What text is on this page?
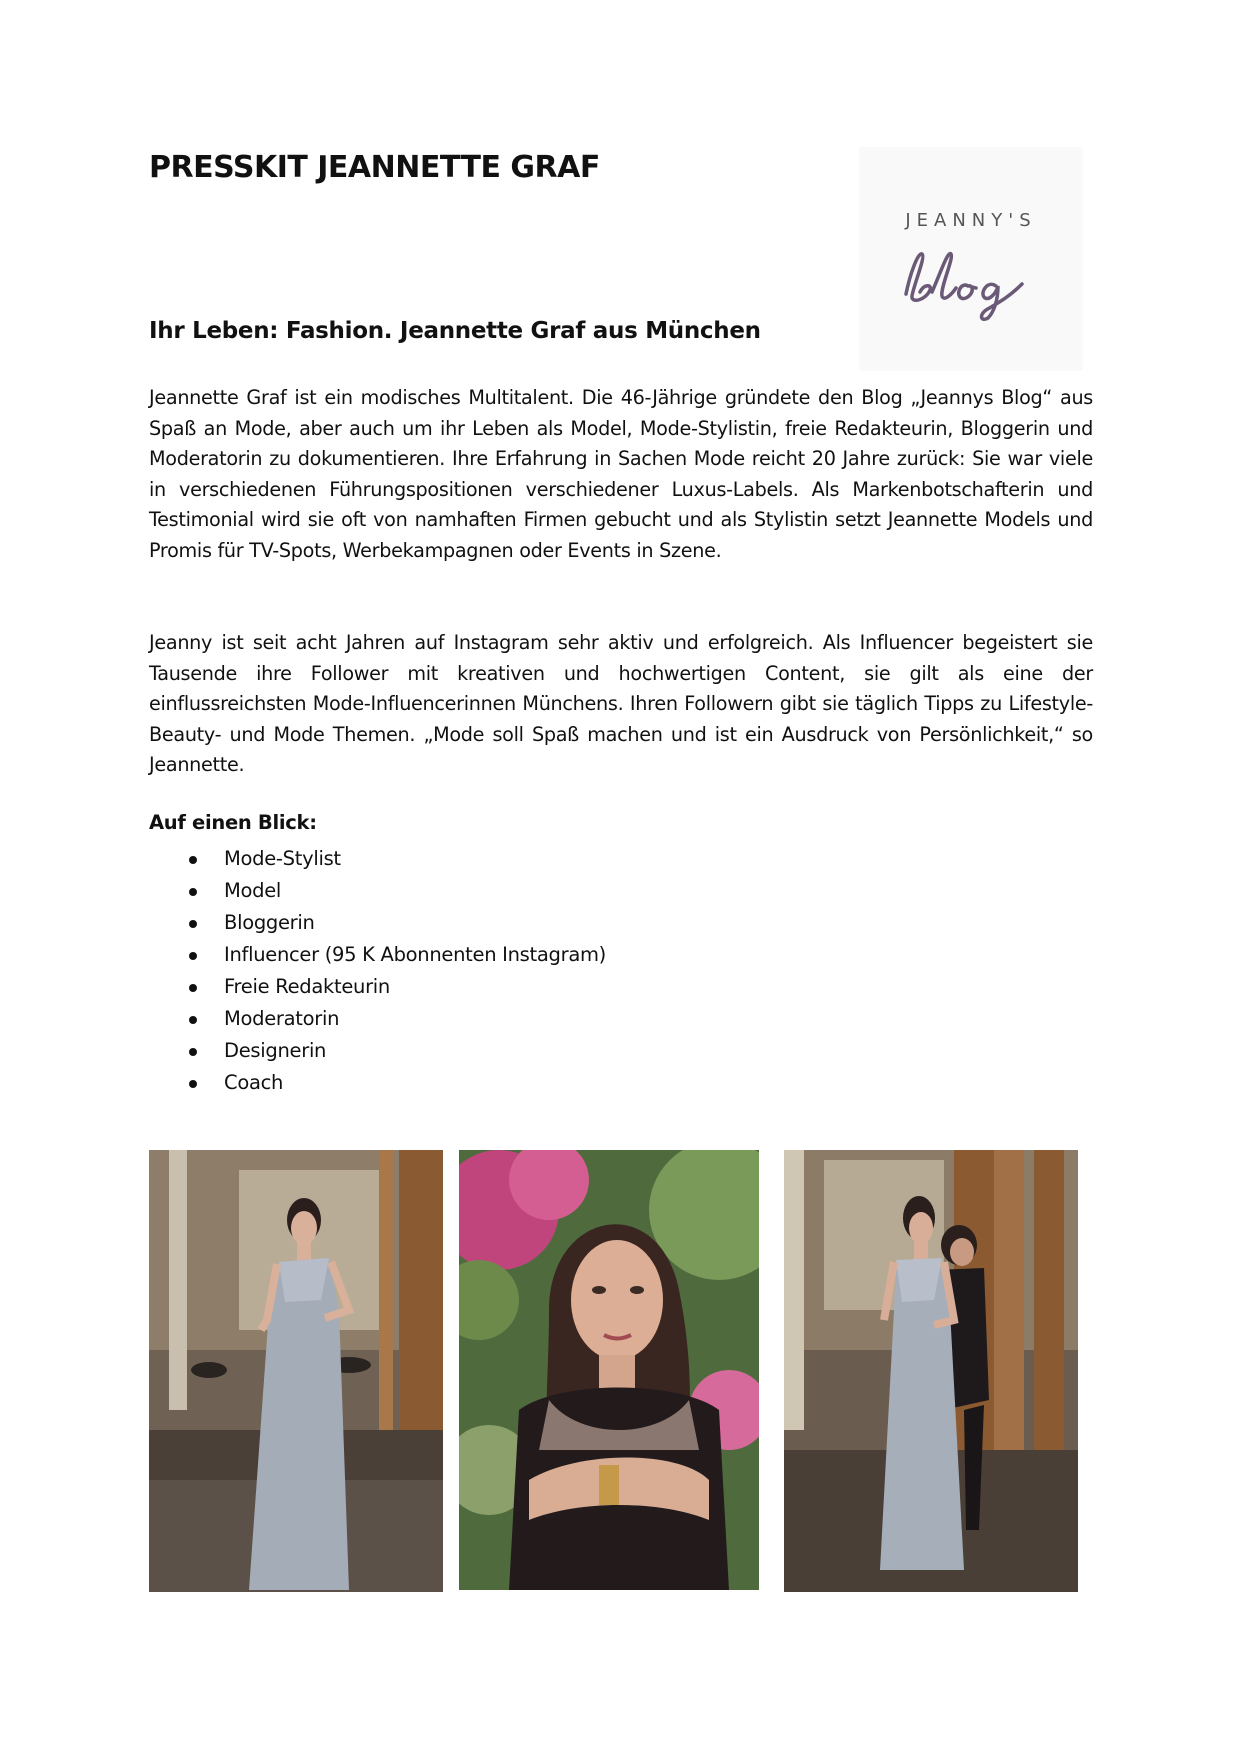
PRESSKIT JEANNETTE GRAF
JEANNY'S
Ihr Leben: Fashion. Jeannette Graf aus München

Jeannette Graf ist ein modisches Multitalent. Die 46-Jährige gründete den Blog „Jeannys Blog“ aus Spaß an Mode, aber auch um ihr Leben als Model, Mode-Stylistin, freie Redakteurin, Bloggerin und Moderatorin zu dokumentieren. Ihre Erfahrung in Sachen Mode reicht 20 Jahre zurück: Sie war viele in verschiedenen Führungspositionen verschiedener Luxus-Labels. Als Markenbotschafterin und Testimonial wird sie oft von namhaften Firmen gebucht und als Stylistin setzt Jeannette Models und Promis für TV-Spots, Werbekampagnen oder Events in Szene.

Jeanny ist seit acht Jahren auf Instagram sehr aktiv und erfolgreich. Als Influencer begeistert sie Tausende ihre Follower mit kreativen und hochwertigen Content, sie gilt als eine der einflussreichsten Mode-Influencerinnen Münchens. Ihren Followern gibt sie täglich Tipps zu Lifestyle- Beauty- und Mode Themen. „Mode soll Spaß machen und ist ein Ausdruck von Persönlichkeit,“ so Jeannette.

Auf einen Blick:
Mode-Stylist
Model
Bloggerin
Influencer (95 K Abonnenten Instagram)
Freie Redakteurin
Moderatorin
Designerin
Coach
